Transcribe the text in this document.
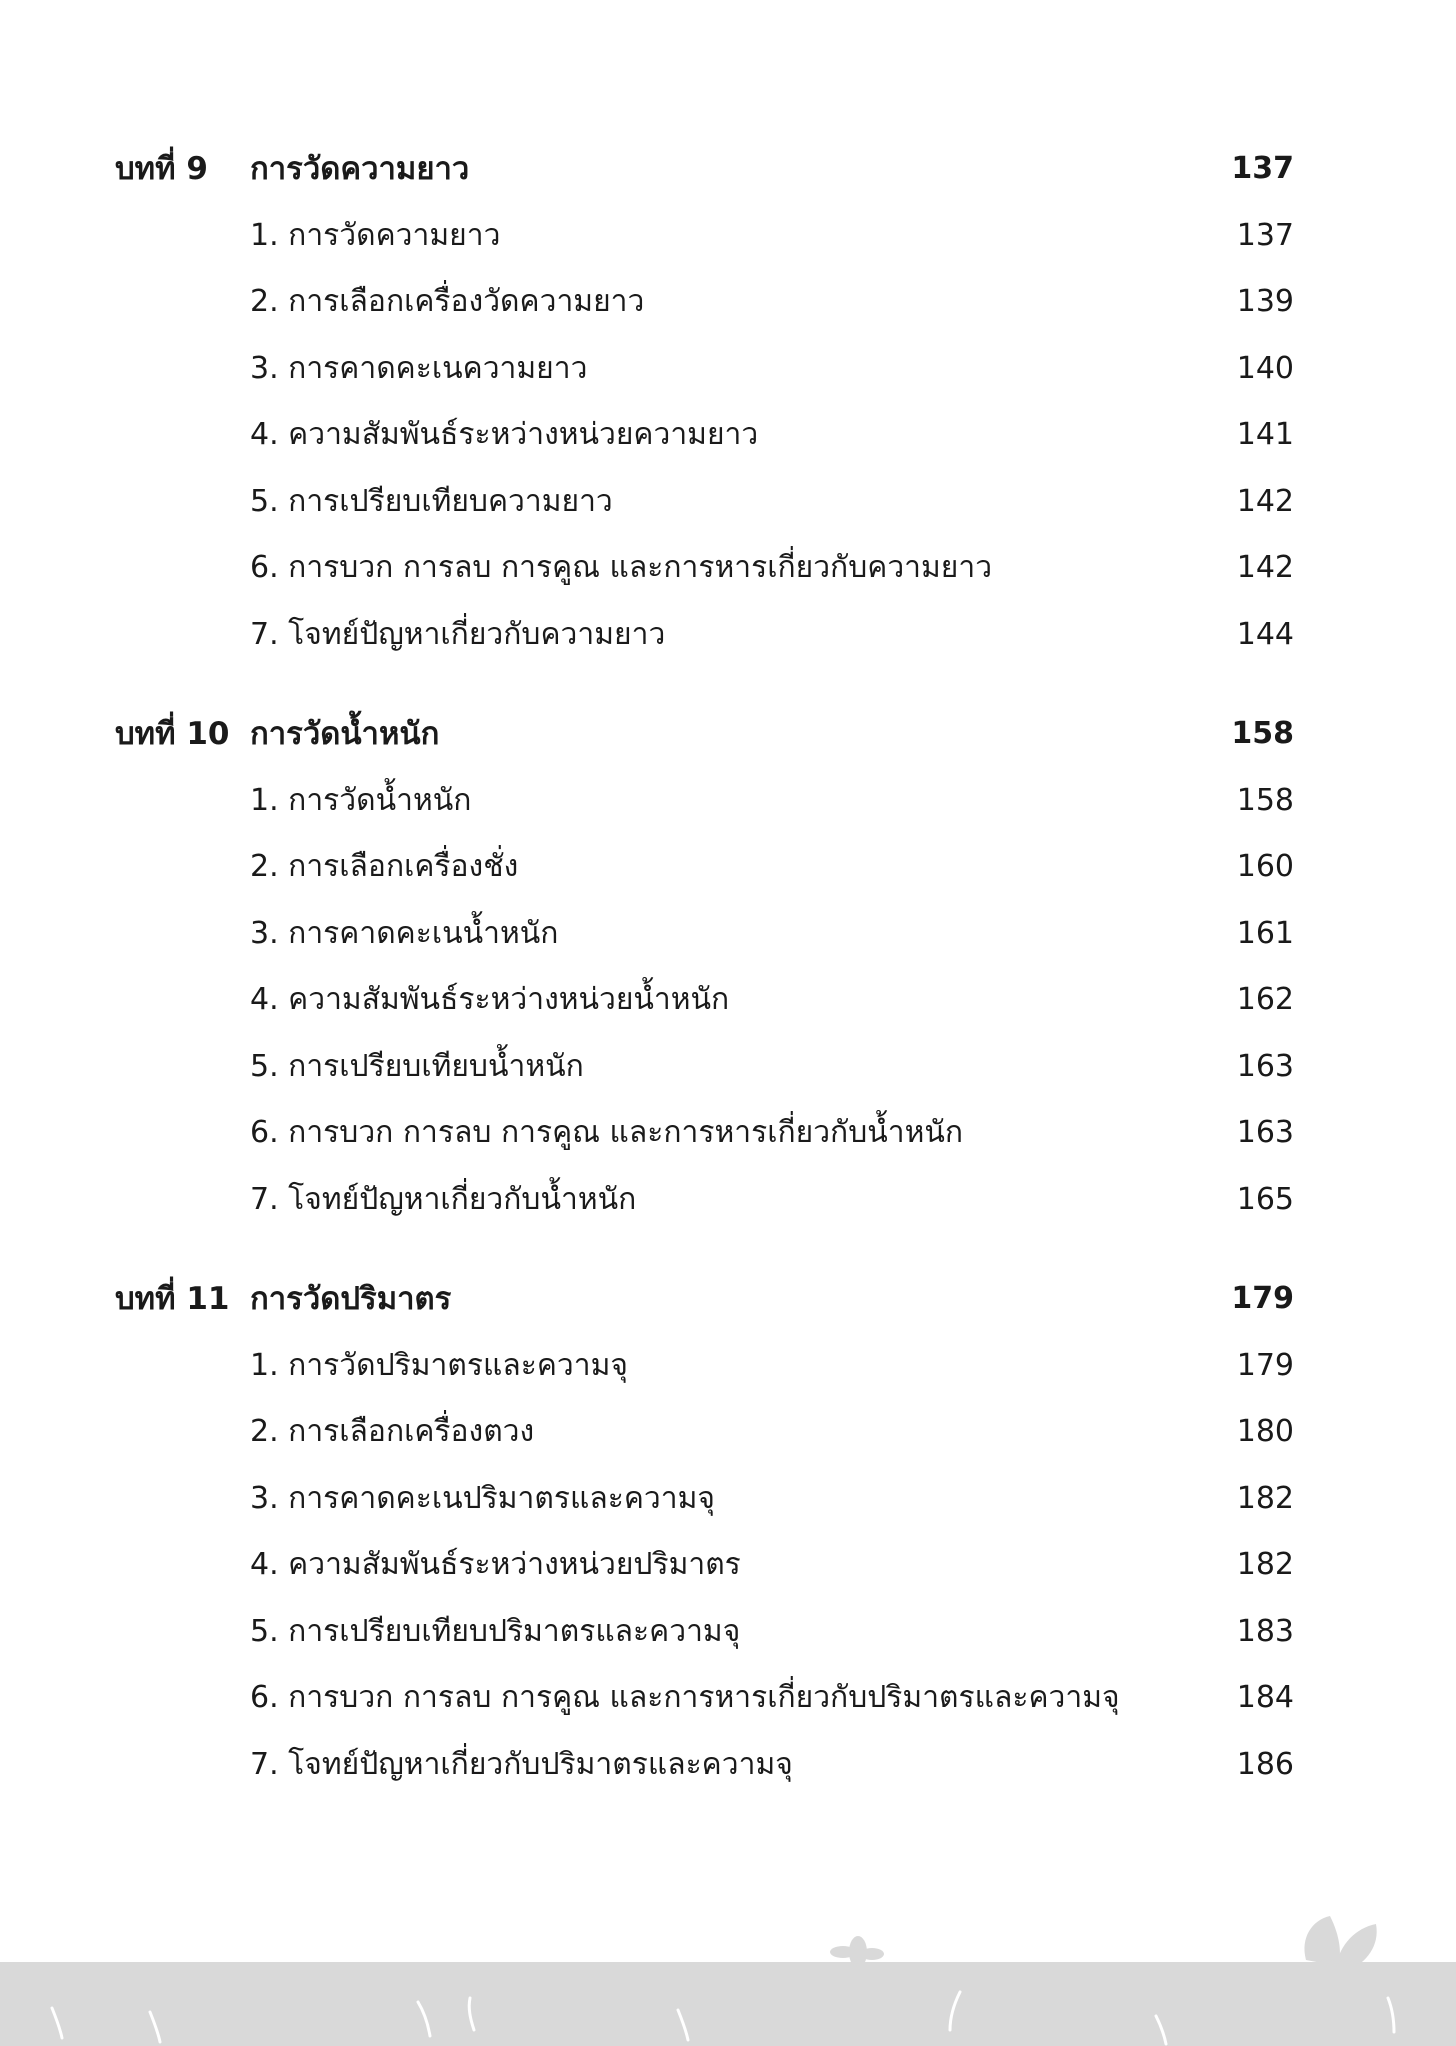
บทที่ 9 การวัดความยาว	137
1. การวัดความยาว	137
2. การเลือกเครื่องวัดความยาว	139
3. การคาดคะเนความยาว	140
4. ความสัมพันธ์ระหว่างหน่วยความยาว	141
5. การเปรียบเทียบความยาว	142
6. การบวก การลบ การคูณ และการหารเกี่ยวกับความยาว	142
7. โจทย์ปัญหาเกี่ยวกับความยาว	144
บทที่ 10 การวัดน้ำหนัก	158
1. การวัดน้ำหนัก	158
2. การเลือกเครื่องชั่ง	160
3. การคาดคะเนน้ำหนัก	161
4. ความสัมพันธ์ระหว่างหน่วยน้ำหนัก	162
5. การเปรียบเทียบน้ำหนัก	163
6. การบวก การลบ การคูณ และการหารเกี่ยวกับน้ำหนัก	163
7. โจทย์ปัญหาเกี่ยวกับน้ำหนัก	165
บทที่ 11 การวัดปริมาตร	179
1. การวัดปริมาตรและความจุ	179
2. การเลือกเครื่องตวง	180
3. การคาดคะเนปริมาตรและความจุ	182
4. ความสัมพันธ์ระหว่างหน่วยปริมาตร	182
5. การเปรียบเทียบปริมาตรและความจุ	183
6. การบวก การลบ การคูณ และการหารเกี่ยวกับปริมาตรและความจุ	184
7. โจทย์ปัญหาเกี่ยวกับปริมาตรและความจุ	186
